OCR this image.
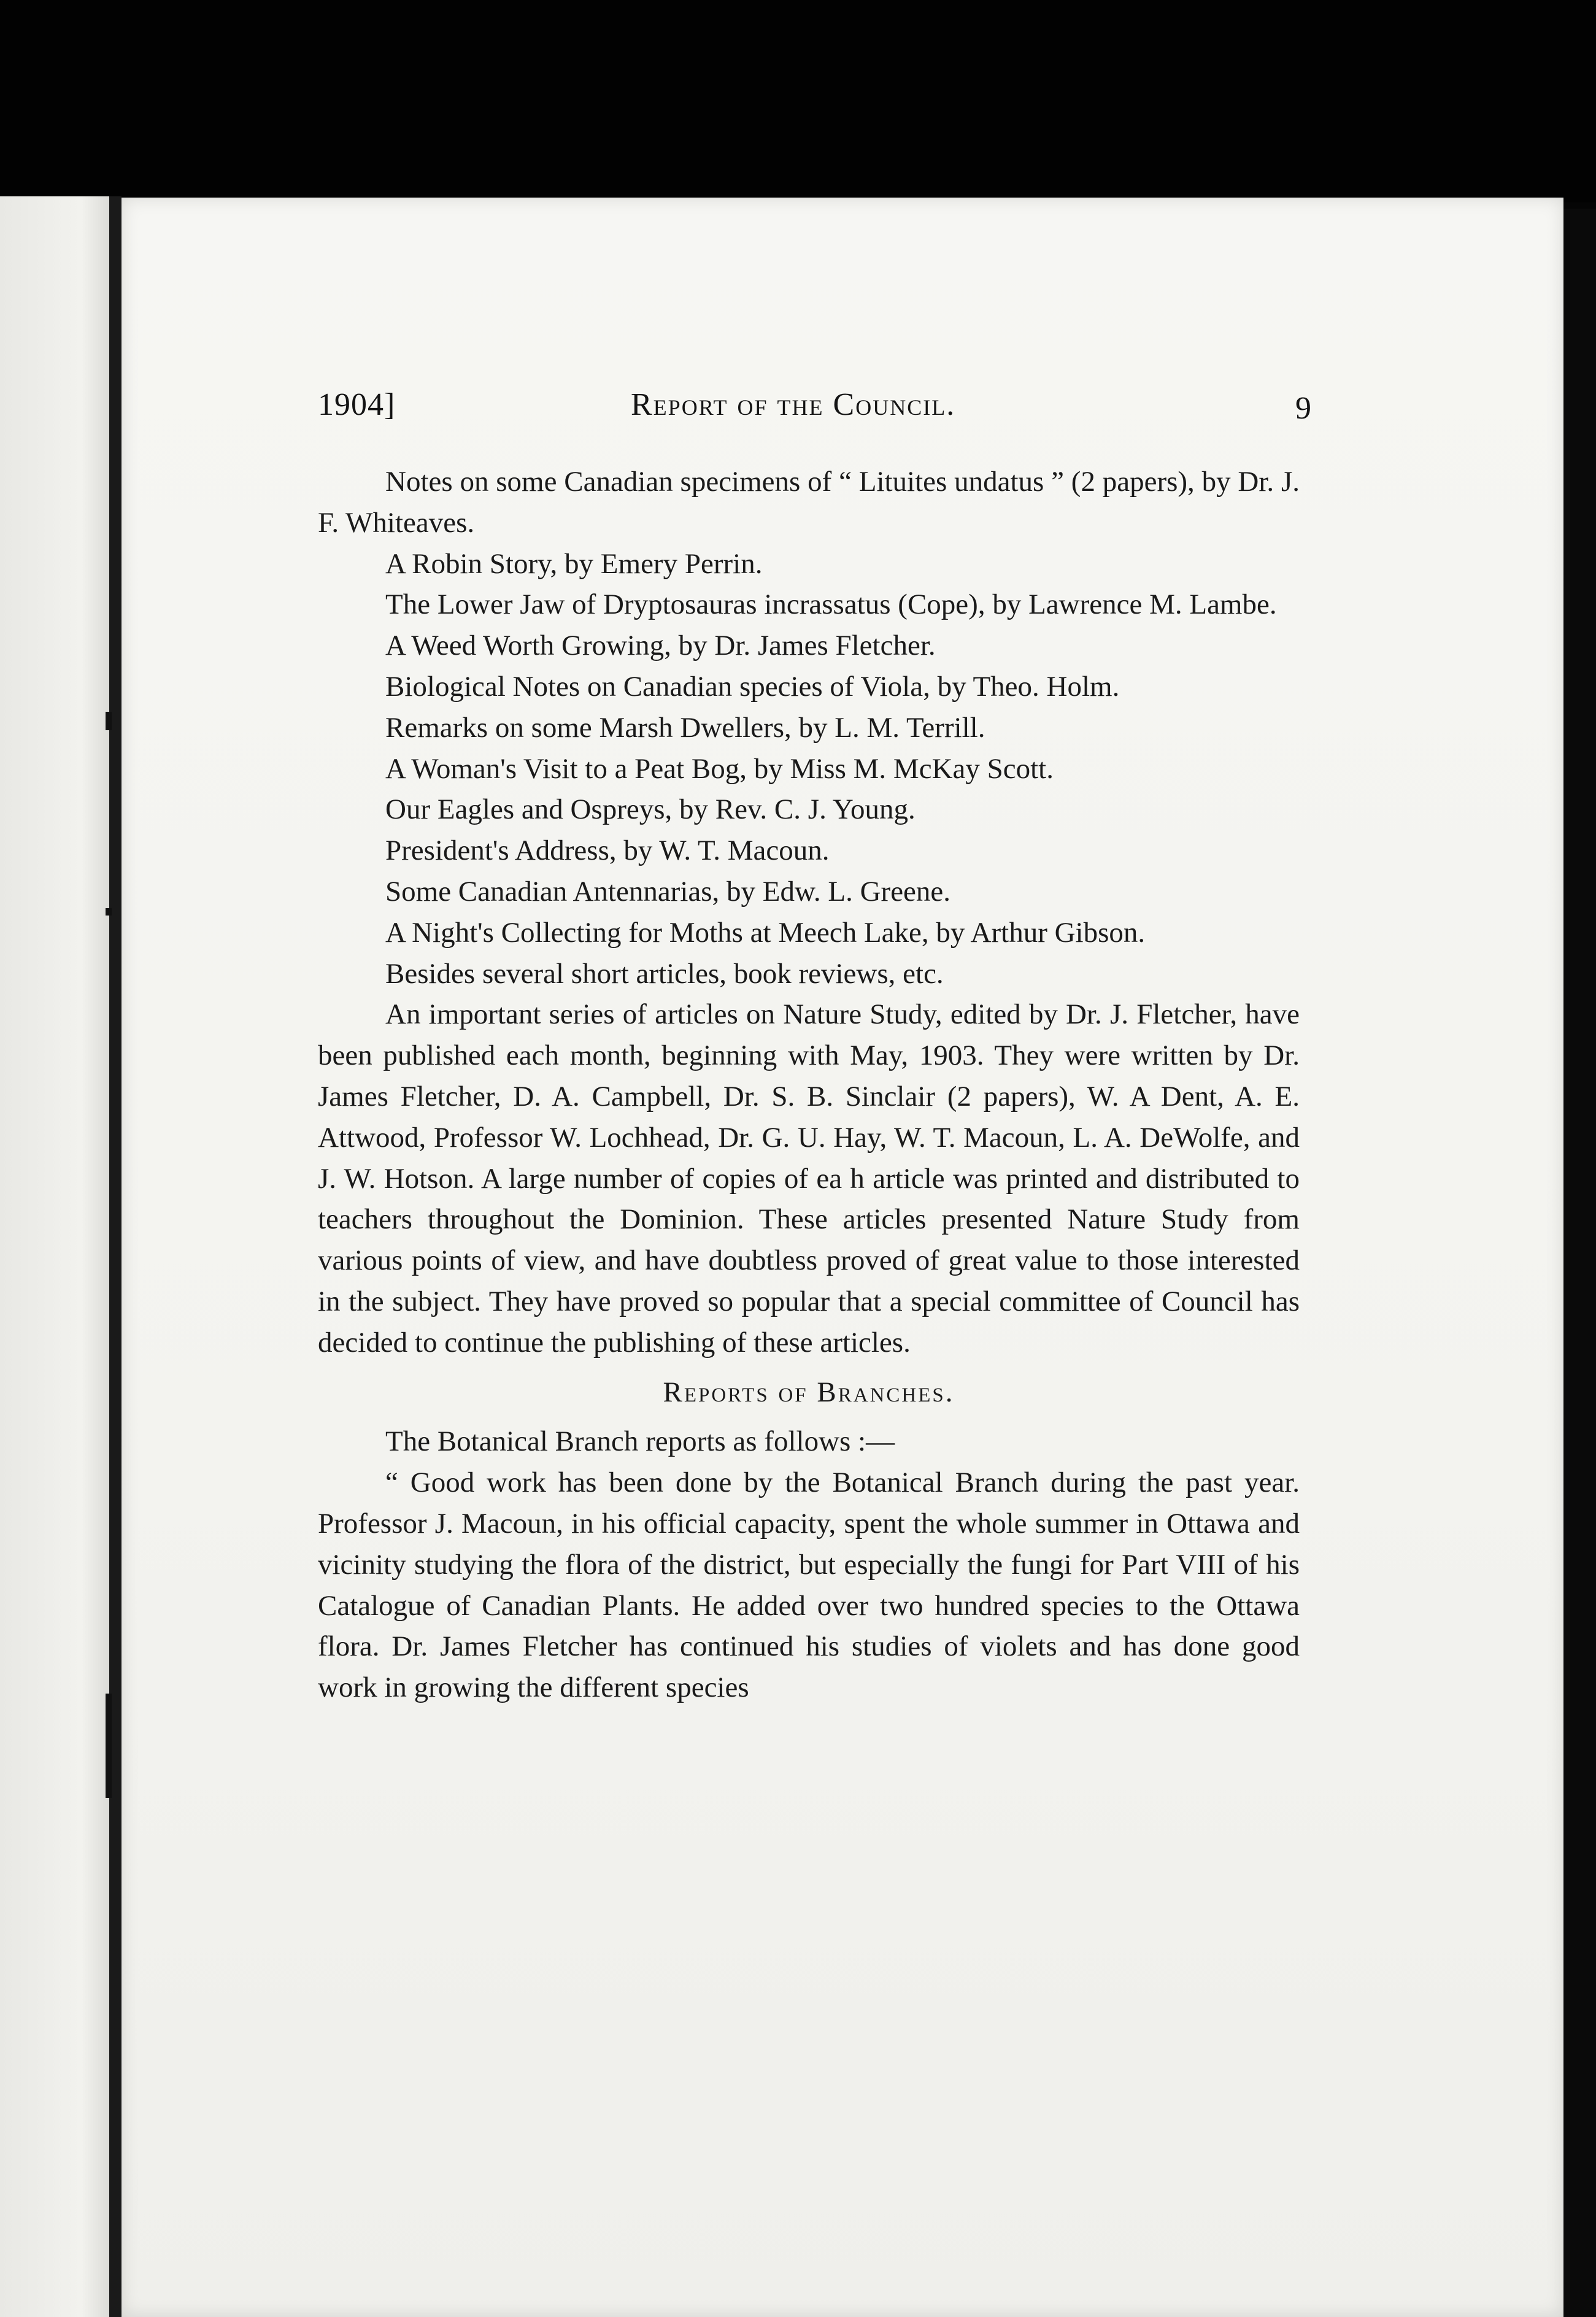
1904]	Report of the Council.	9

Notes on some Canadian specimens of “ Lituites undatus ” (2 papers), by Dr. J. F. Whiteaves.

A Robin Story, by Emery Perrin.

The Lower Jaw of Dryptosauras incrassatus (Cope), by Lawrence M. Lambe.

A Weed Worth Growing, by Dr. James Fletcher.

Biological Notes on Canadian species of Viola, by Theo. Holm.

Remarks on some Marsh Dwellers, by L. M. Terrill.

A Woman's Visit to a Peat Bog, by Miss M. McKay Scott.

Our Eagles and Ospreys, by Rev. C. J. Young.

President's Address, by W. T. Macoun.

Some Canadian Antennarias, by Edw. L. Greene.

A Night's Collecting for Moths at Meech Lake, by Arthur Gibson.

Besides several short articles, book reviews, etc.

An important series of articles on Nature Study, edited by Dr. J. Fletcher, have been published each month, beginning with May, 1903. They were written by Dr. James Fletcher, D. A. Campbell, Dr. S. B. Sinclair (2 papers), W. A Dent, A. E. Attwood, Professor W. Lochhead, Dr. G. U. Hay, W. T. Macoun, L. A. DeWolfe, and J. W. Hotson. A large number of copies of ea h article was printed and distributed to teachers throughout the Dominion. These articles presented Nature Study from various points of view, and have doubtless proved of great value to those interested in the subject. They have proved so popular that a special committee of Council has decided to continue the publishing of these articles.

Reports of Branches.

The Botanical Branch reports as follows :—

“ Good work has been done by the Botanical Branch during the past year. Professor J. Macoun, in his official capacity, spent the whole summer in Ottawa and vicinity studying the flora of the district, but especially the fungi for Part VIII of his Catalogue of Canadian Plants. He added over two hundred species to the Ottawa flora. Dr. James Fletcher has continued his studies of violets and has done good work in growing the different species
